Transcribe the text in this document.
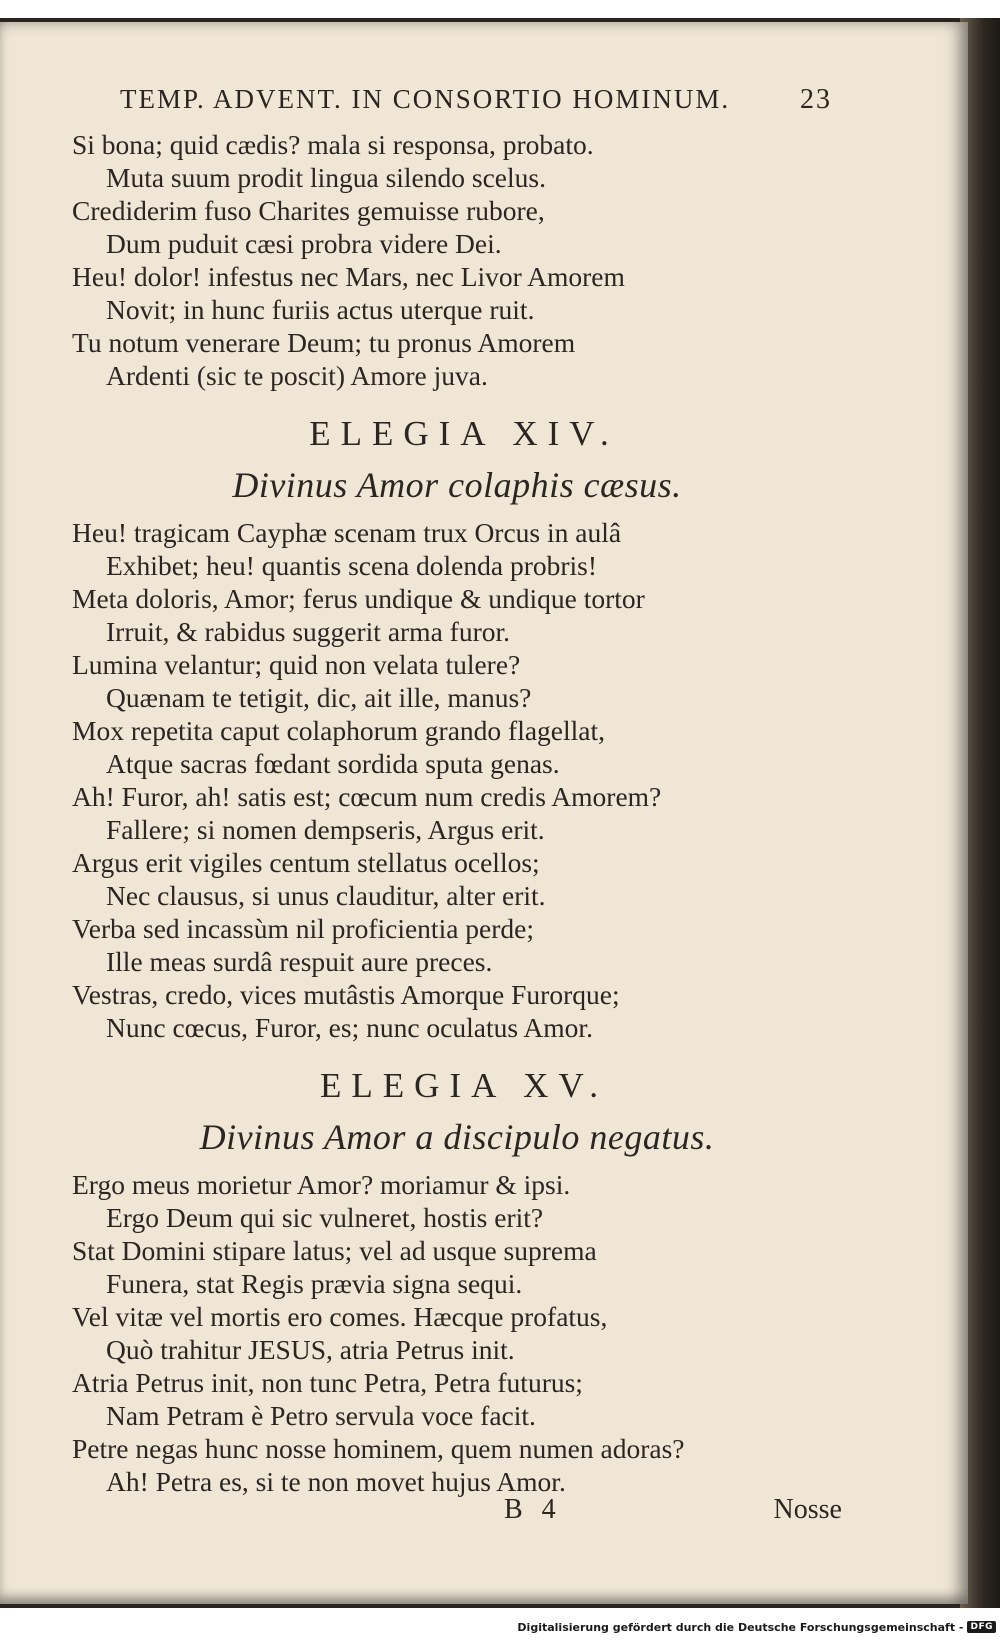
TEMP. ADVENT. IN CONSORTIO HOMINUM. 23
Si bona; quid cædis? mala si responsa, probato.
Muta suum prodit lingua silendo scelus.
Crediderim fuso Charites gemuisse rubore,
Dum puduit cæsi probra videre Dei.
Heu! dolor! infestus nec Mars, nec Livor Amorem
Novit; in hunc furiis actus uterque ruit.
Tu notum venerare Deum; tu pronus Amorem
Ardenti (sic te poscit) Amore juva.
ELEGIA XIV.
Divinus Amor colaphis cæsus.
Heu! tragicam Cayphæ scenam trux Orcus in aulâ
Exhibet; heu! quantis scena dolenda probris!
Meta doloris, Amor; ferus undique & undique tortor
Irruit, & rabidus suggerit arma furor.
Lumina velantur; quid non velata tulere?
Quænam te tetigit, dic, ait ille, manus?
Mox repetita caput colaphorum grando flagellat,
Atque sacras fœdant sordida sputa genas.
Ah! Furor, ah! satis est; cœcum num credis Amorem?
Fallere; si nomen dempseris, Argus erit.
Argus erit vigiles centum stellatus ocellos;
Nec clausus, si unus clauditur, alter erit.
Verba sed incassùm nil proficientia perde;
Ille meas surdâ respuit aure preces.
Vestras, credo, vices mutâstis Amorque Furorque;
Nunc cœcus, Furor, es; nunc oculatus Amor.
ELEGIA XV.
Divinus Amor a discipulo negatus.
Ergo meus morietur Amor? moriamur & ipsi.
Ergo Deum qui sic vulneret, hostis erit?
Stat Domini stipare latus; vel ad usque suprema
Funera, stat Regis prævia signa sequi.
Vel vitæ vel mortis ero comes. Hæcque profatus,
Quò trahitur JESUS, atria Petrus init.
Atria Petrus init, non tunc Petra, Petra futurus;
Nam Petram è Petro servula voce facit.
Petre negas hunc nosse hominem, quem numen adoras?
Ah! Petra es, si te non movet hujus Amor.
B 4	Nosse
Digitalisierung gefördert durch die Deutsche Forschungsgemeinschaft - DFG
